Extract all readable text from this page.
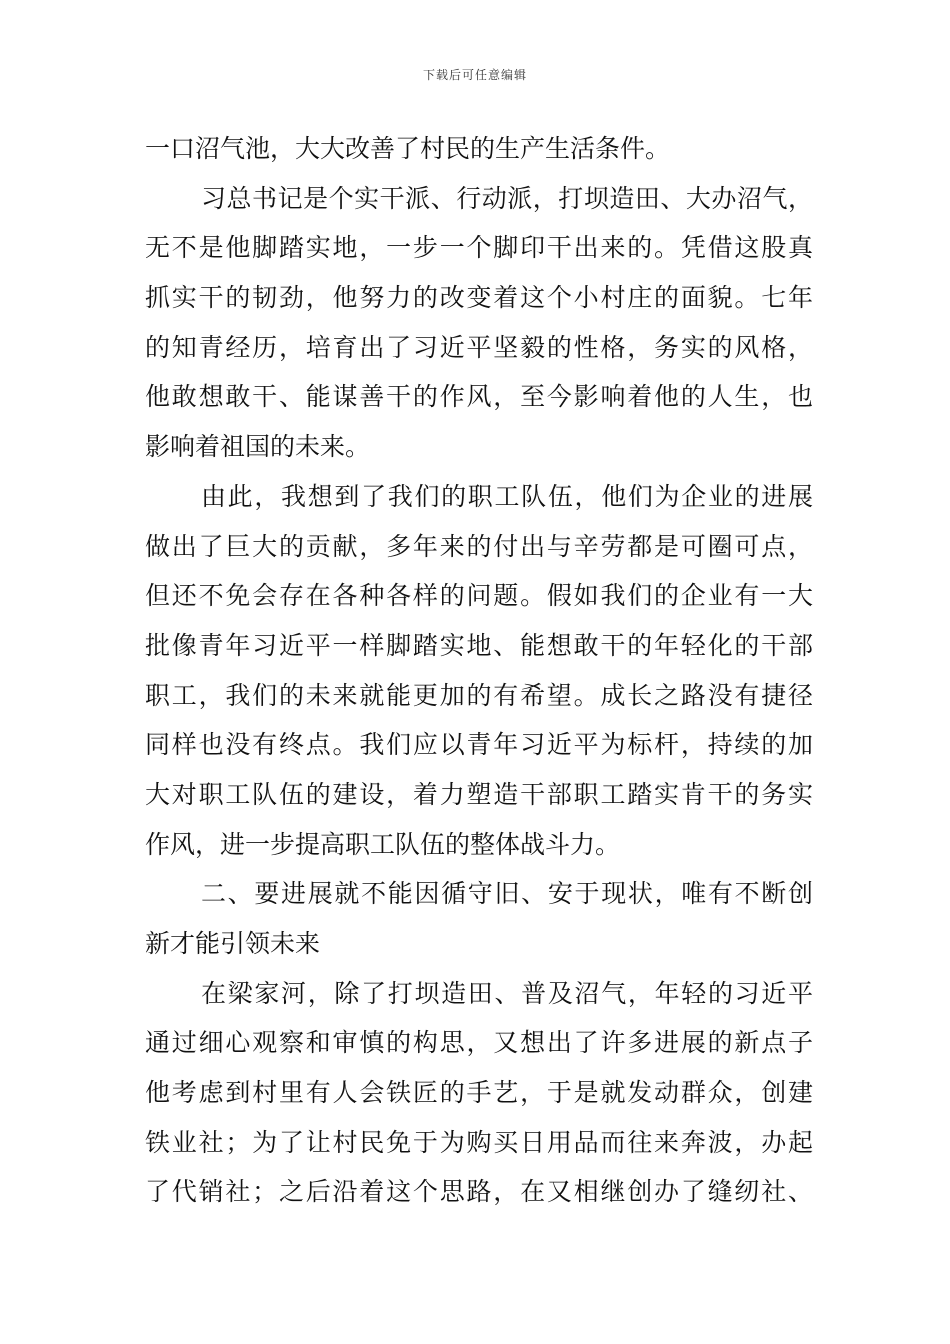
下载后可任意编辑
一口沼气池，大大改善了村民的生产生活条件。
习总书记是个实干派、行动派，打坝造田、大办沼气，
无不是他脚踏实地，一步一个脚印干出来的。凭借这股真
抓实干的韧劲，他努力的改变着这个小村庄的面貌。七年
的知青经历，培育出了习近平坚毅的性格，务实的风格，
他敢想敢干、能谋善干的作风，至今影响着他的人生，也
影响着祖国的未来。
由此，我想到了我们的职工队伍，他们为企业的进展
做出了巨大的贡献，多年来的付出与辛劳都是可圈可点，
但还不免会存在各种各样的问题。假如我们的企业有一大
批像青年习近平一样脚踏实地、能想敢干的年轻化的干部
职工，我们的未来就能更加的有希望。成长之路没有捷径
同样也没有终点。我们应以青年习近平为标杆，持续的加
大对职工队伍的建设，着力塑造干部职工踏实肯干的务实
作风，进一步提高职工队伍的整体战斗力。
二、要进展就不能因循守旧、安于现状，唯有不断创
新才能引领未来
在梁家河，除了打坝造田、普及沼气，年轻的习近平
通过细心观察和审慎的构思，又想出了许多进展的新点子
他考虑到村里有人会铁匠的手艺，于是就发动群众，创建
铁业社；为了让村民免于为购买日用品而往来奔波，办起
了代销社；之后沿着这个思路，在又相继创办了缝纫社、
